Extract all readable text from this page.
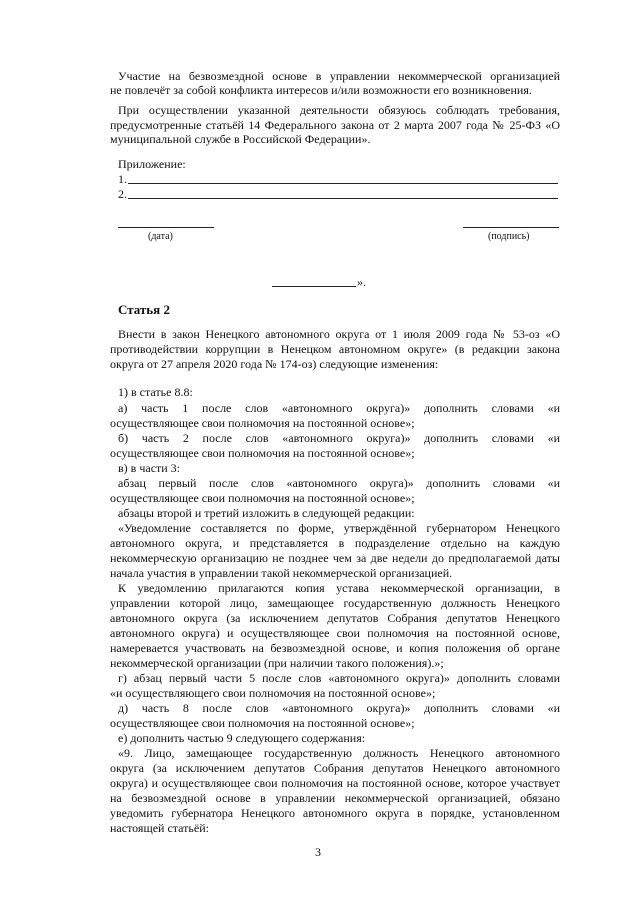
Участие на безвозмездной основе в управлении некоммерческой организацией

не повлечёт за собой конфликта интересов и/или возможности его возникновения.

При осуществлении указанной деятельности обязуюсь соблюдать требования,

предусмотренные статьёй 14 Федерального закона от 2 марта 2007 года № 25-ФЗ «О

муниципальной службе в Российской Федерации».

Приложение:

1.

2.

(дата)	(подпись)

».

Статья 2

Внести в закон Ненецкого автономного округа от 1 июля 2009 года № 53-оз «О

противодействии коррупции в Ненецком автономном округе» (в редакции закона

округа от 27 апреля 2020 года № 174-оз) следующие изменения:

1) в статье 8.8:

а) часть 1 после слов «автономного округа)» дополнить словами «и

осуществляющее свои полномочия на постоянной основе»;

б) часть 2 после слов «автономного округа)» дополнить словами «и

осуществляющее свои полномочия на постоянной основе»;

в) в части 3:

абзац первый после слов «автономного округа)» дополнить словами «и

осуществляющее свои полномочия на постоянной основе»;

абзацы второй и третий изложить в следующей редакции:

«Уведомление составляется по форме, утверждённой губернатором Ненецкого

автономного округа, и представляется в подразделение отдельно на каждую

некоммерческую организацию не позднее чем за две недели до предполагаемой даты

начала участия в управлении такой некоммерческой организацией.

К уведомлению прилагаются копия устава некоммерческой организации, в

управлении которой лицо, замещающее государственную должность Ненецкого

автономного округа (за исключением депутатов Собрания депутатов Ненецкого

автономного округа) и осуществляющее свои полномочия на постоянной основе,

намеревается участвовать на безвозмездной основе, и копия положения об органе

некоммерческой организации (при наличии такого положения).»;

г) абзац первый части 5 после слов «автономного округа)» дополнить словами

«и осуществляющего свои полномочия на постоянной основе»;

д) часть 8 после слов «автономного округа)» дополнить словами «и

осуществляющее свои полномочия на постоянной основе»;

е) дополнить частью 9 следующего содержания:

«9. Лицо, замещающее государственную должность Ненецкого автономного

округа (за исключением депутатов Собрания депутатов Ненецкого автономного

округа) и осуществляющее свои полномочия на постоянной основе, которое участвует

на безвозмездной основе в управлении некоммерческой организацией, обязано

уведомить губернатора Ненецкого автономного округа в порядке, установленном

настоящей статьёй:

3
